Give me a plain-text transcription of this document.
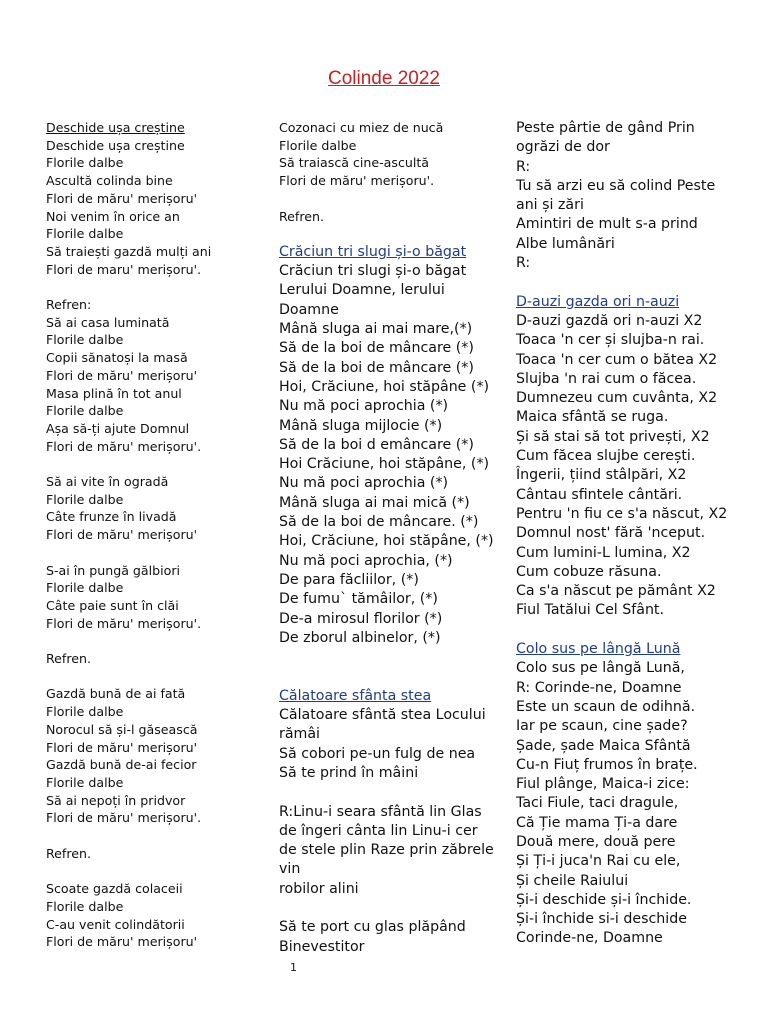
Colinde 2022
Deschide ușa creștine
Deschide ușa creștine
Florile dalbe
Ascultă colinda bine
Flori de măru' merișoru'
Noi venim în orice an
Florile dalbe
Să traiești gazdă mulți ani
Flori de maru' merișoru'.
Refren:
Să ai casa luminată
Florile dalbe
Copii sănatoși la masă
Flori de măru' merișoru'
Masa plină în tot anul
Florile dalbe
Așa să-ți ajute Domnul
Flori de măru' merișoru'.
Să ai vite în ogradă
Florile dalbe
Câte frunze în livadă
Flori de măru' merișoru'
S-ai în pungă gălbiori
Florile dalbe
Câte paie sunt în clăi
Flori de măru' merișoru'.
Refren.
Gazdă bună de ai fată
Florile dalbe
Norocul să și-l găsească
Flori de măru' merișoru'
Gazdă bună de-ai fecior
Florile dalbe
Să ai nepoți în pridvor
Flori de măru' merișoru'.
Refren.
Scoate gazdă colaceii
Florile dalbe
C-au venit colindătorii
Flori de măru' merișoru'
Cozonaci cu miez de nucă
Florile dalbe
Să traiască cine-ascultă
Flori de măru' merișoru'.
Refren.
Crăciun tri slugi și-o băgat
Crăciun tri slugi și-o băgat
Lerului Doamne, lerului
Doamne
Mână sluga ai mai mare,(*)
Să de la boi de mâncare (*)
Să de la boi de mâncare (*)
Hoi, Crăciune, hoi stăpâne (*)
Nu mă poci aprochia (*)
Mână sluga mijlocie (*)
Să de la boi d emâncare (*)
Hoi Crăciune, hoi stăpâne, (*)
Nu mă poci aprochia (*)
Mână sluga ai mai mică (*)
Să de la boi de mâncare. (*)
Hoi, Crăciune, hoi stăpâne, (*)
Nu mă poci aprochia, (*)
De para făcliilor, (*)
De fumu` tămâilor, (*)
De-a mirosul florilor (*)
De zborul albinelor, (*)
Călatoare sfânta stea
Călatoare sfântă stea Locului
rămâi
Să cobori pe-un fulg de nea
Să te prind în mâini
R:Linu-i seara sfântă lin Glas
de îngeri cânta lin Linu-i cer
de stele plin Raze prin zăbrele
vin
robilor alini
Să te port cu glas plăpând
Binevestitor
Peste pârtie de gând Prin
ogrăzi de dor
R:
Tu să arzi eu să colind Peste
ani și zări
Amintiri de mult s-a prind
Albe lumânări
R:
D-auzi gazda ori n-auzi
D-auzi gazdă ori n-auzi X2
Toaca 'n cer și slujba-n rai.
Toaca 'n cer cum o bătea X2
Slujba 'n rai cum o făcea.
Dumnezeu cum cuvânta, X2
Maica sfântă se ruga.
Și să stai să tot privești, X2
Cum făcea slujbe cerești.
Îngerii, țiind stâlpări, X2
Cântau sfintele cântări.
Pentru 'n fiu ce s'a născut, X2
Domnul nost' fără 'nceput.
Cum lumini-L lumina, X2
Cum cobuze răsuna.
Ca s'a născut pe pământ X2
Fiul Tatălui Cel Sfânt.
Colo sus pe lângă Lună
Colo sus pe lângă Lună,
R: Corinde-ne, Doamne
Este un scaun de odihnă.
Iar pe scaun, cine șade?
Șade, șade Maica Sfântă
Cu-n Fiuț frumos în brațe.
Fiul plânge, Maica-i zice:
Taci Fiule, taci dragule,
Că Ție mama Ți-a dare
Două mere, două pere
Și Ți-i juca'n Rai cu ele,
Și cheile Raiului
Și-i deschide și-i închide.
Și-i închide si-i deschide
Corinde-ne, Doamne
1
